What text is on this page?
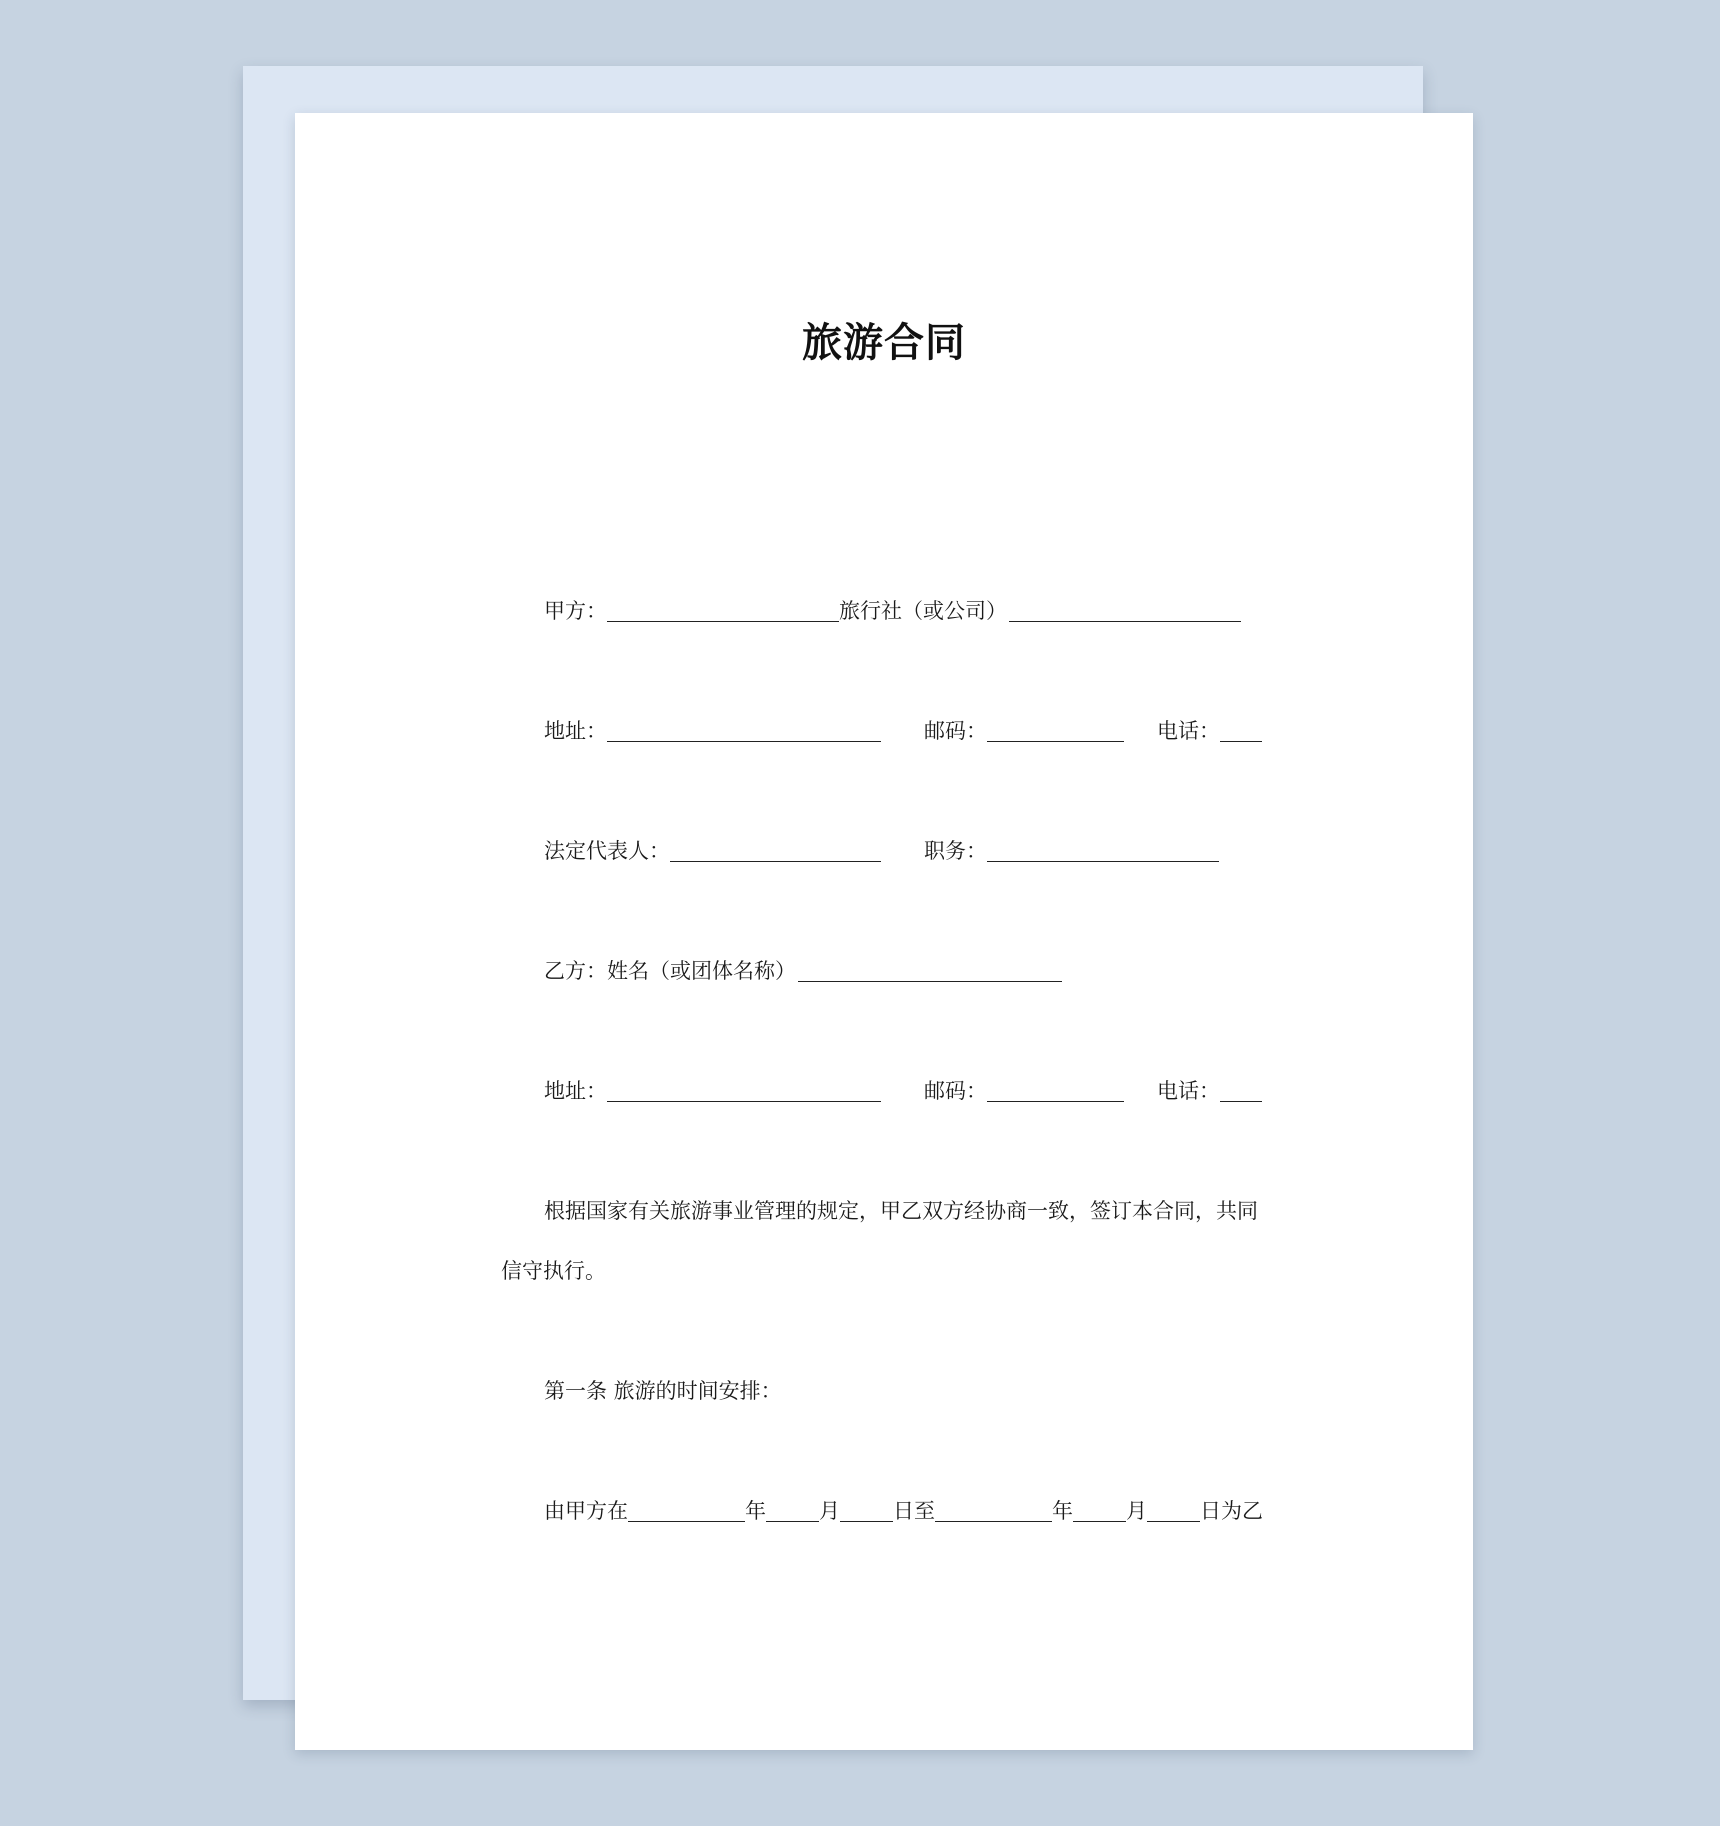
旅游合同
甲方：	旅行社（或公司）
地址：	邮码：	电话：
法定代表人：	职务：
乙方：姓名（或团体名称）
地址：	邮码：	电话：
根据国家有关旅游事业管理的规定，甲乙双方经协商一致，签订本合同，共同
信守执行。
第一条 旅游的时间安排：
由甲方在	年	月	日至	年	月	日为乙
